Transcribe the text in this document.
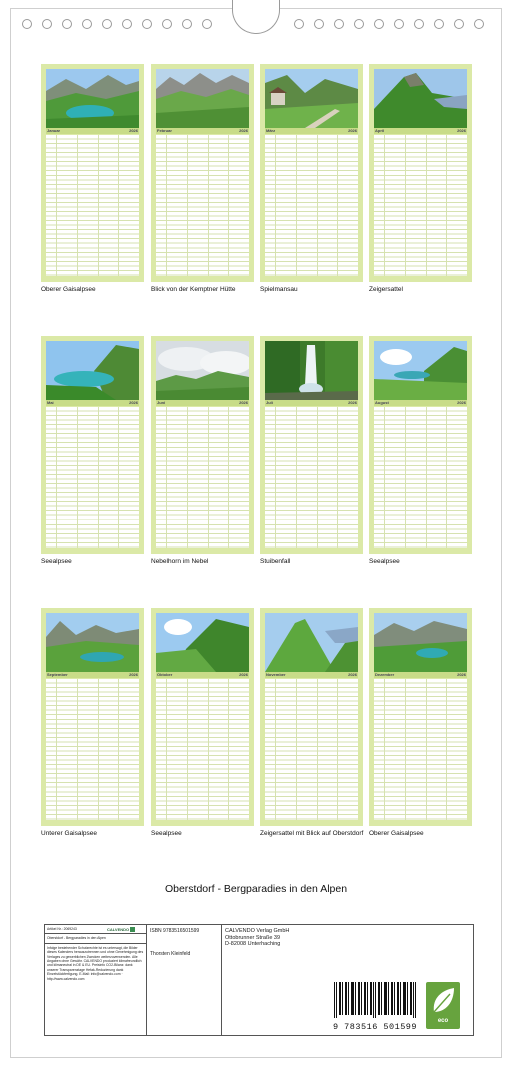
Januar	2026
Oberer Gaisalpsee
Februar	2026
Blick von der Kemptner Hütte
März	2026
Spielmansau
April	2026
Zeigersattel
Mai	2026
Seealpsee
Juni	2026
Nebelhorn im Nebel
Juli	2026
Stuibenfall
August	2026
Seealpsee
September	2026
Unterer Gaisalpsee
Oktober	2026
Seealpsee
November	2026
Zeigersattel mit Blick auf Oberstdorf
Dezember	2026
Oberer Gaisalpsee
Oberstdorf - Bergparadies in den Alpen
Artikel Nr.: 2069243	CALVENDO
Oberstdorf - Bergparadies in den Alpen
Infolge bestehender Schutzrechte ist es untersagt, die Bilder dieses Kalenders herauszutrennen und ohne Genehmigung des Verlages zu gewerblichen Zwecken weiterzuverwenden. Alle Angaben ohne Gewähr. CALVENDO produziert klimafreundlich und klimaneutral in DE & EU. Preisinfo CO2-Bilanz: dank unserer Transparenztage Hefak-Reduzierung dank Einzelstückfertigung. E-Mail: info@calvendo.com · http://www.calvendo.com
ISBN 9783516501599
Thorsten Kleinfeld
CALVENDO Verlag GmbH
Ottobrunner Straße 39
D-82008 Unterhaching
9 783516 501599
eco
